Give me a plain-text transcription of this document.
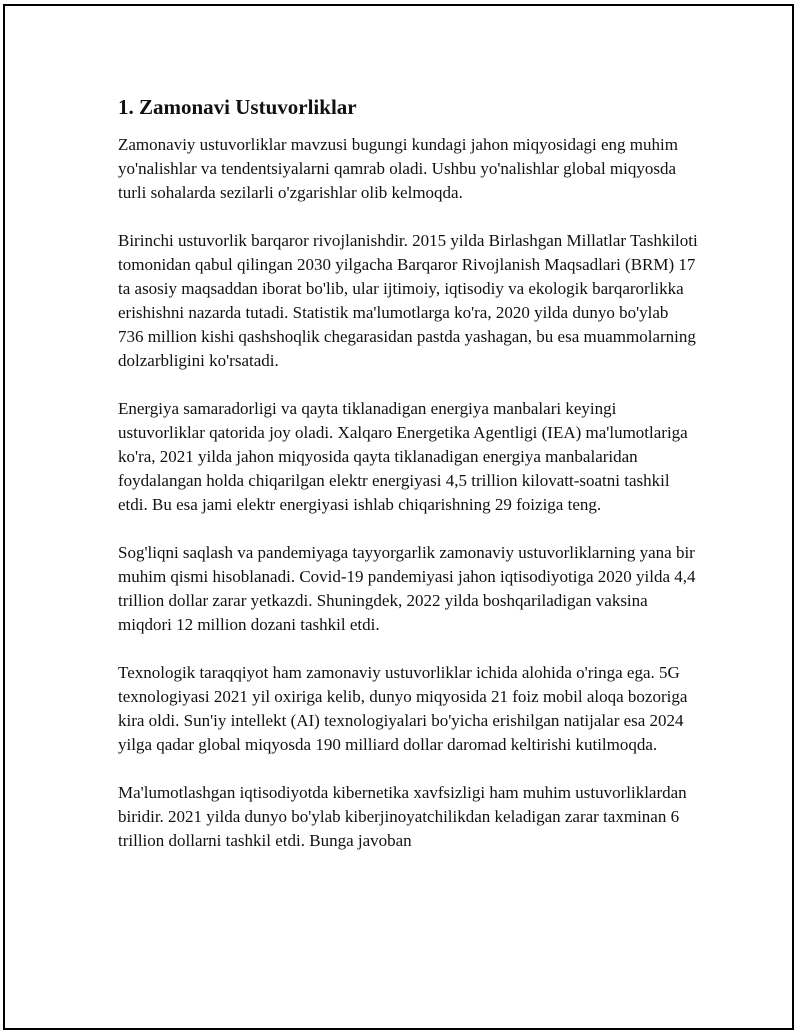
1. Zamonavi Ustuvorliklar

Zamonaviy ustuvorliklar mavzusi bugungi kundagi jahon miqyosidagi eng muhim yo'nalishlar va tendentsiyalarni qamrab oladi. Ushbu yo'nalishlar global miqyosda turli sohalarda sezilarli o'zgarishlar olib kelmoqda.

Birinchi ustuvorlik barqaror rivojlanishdir. 2015 yilda Birlashgan Millatlar Tashkiloti tomonidan qabul qilingan 2030 yilgacha Barqaror Rivojlanish Maqsadlari (BRM) 17 ta asosiy maqsaddan iborat bo'lib, ular ijtimoiy, iqtisodiy va ekologik barqarorlikka erishishni nazarda tutadi. Statistik ma'lumotlarga ko'ra, 2020 yilda dunyo bo'ylab 736 million kishi qashshoqlik chegarasidan pastda yashagan, bu esa muammolarning dolzarbligini ko'rsatadi.

Energiya samaradorligi va qayta tiklanadigan energiya manbalari keyingi ustuvorliklar qatorida joy oladi. Xalqaro Energetika Agentligi (IEA) ma'lumotlariga ko'ra, 2021 yilda jahon miqyosida qayta tiklanadigan energiya manbalaridan foydalangan holda chiqarilgan elektr energiyasi 4,5 trillion kilovatt-soatni tashkil etdi. Bu esa jami elektr energiyasi ishlab chiqarishning 29 foiziga teng.

Sog'liqni saqlash va pandemiyaga tayyorgarlik zamonaviy ustuvorliklarning yana bir muhim qismi hisoblanadi. Covid-19 pandemiyasi jahon iqtisodiyotiga 2020 yilda 4,4 trillion dollar zarar yetkazdi. Shuningdek, 2022 yilda boshqariladigan vaksina miqdori 12 million dozani tashkil etdi.

Texnologik taraqqiyot ham zamonaviy ustuvorliklar ichida alohida o'ringa ega. 5G texnologiyasi 2021 yil oxiriga kelib, dunyo miqyosida 21 foiz mobil aloqa bozoriga kira oldi. Sun'iy intellekt (AI) texnologiyalari bo'yicha erishilgan natijalar esa 2024 yilga qadar global miqyosda 190 milliard dollar daromad keltirishi kutilmoqda.

Ma'lumotlashgan iqtisodiyotda kibernetika xavfsizligi ham muhim ustuvorliklardan biridir. 2021 yilda dunyo bo'ylab kiberjinoyatchilikdan keladigan zarar taxminan 6 trillion dollarni tashkil etdi. Bunga javoban
